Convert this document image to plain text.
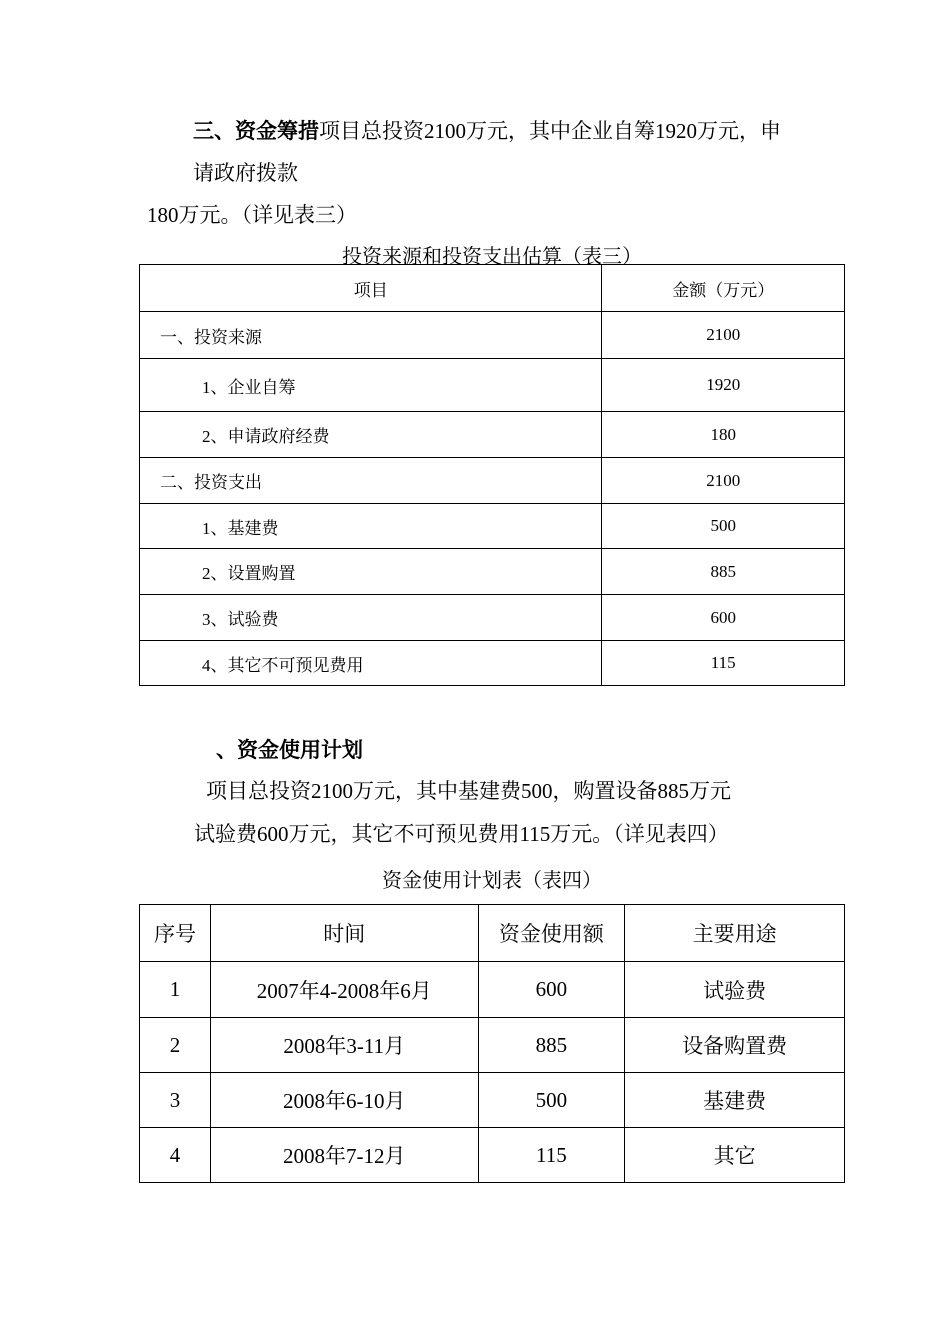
三、资金筹措项目总投资2100万元，其中企业自筹1920万元，申
请政府拨款
180万元。（详见表三）
投资来源和投资支出估算（表三）
项目	金额（万元）
一、投资来源	2100
1、企业自筹	1920
2、申请政府经费	180
二、投资支出	2100
1、基建费	500
2、设置购置	885
3、试验费	600
4、其它不可预见费用	115
、资金使用计划
项目总投资2100万元，其中基建费500，购置设备885万元
试验费600万元，其它不可预见费用115万元。（详见表四）
资金使用计划表（表四）
序号	时间	资金使用额	主要用途
1	2007年4-2008年6月	600	试验费
2	2008年3-11月	885	设备购置费
3	2008年6-10月	500	基建费
4	2008年7-12月	115	其它
